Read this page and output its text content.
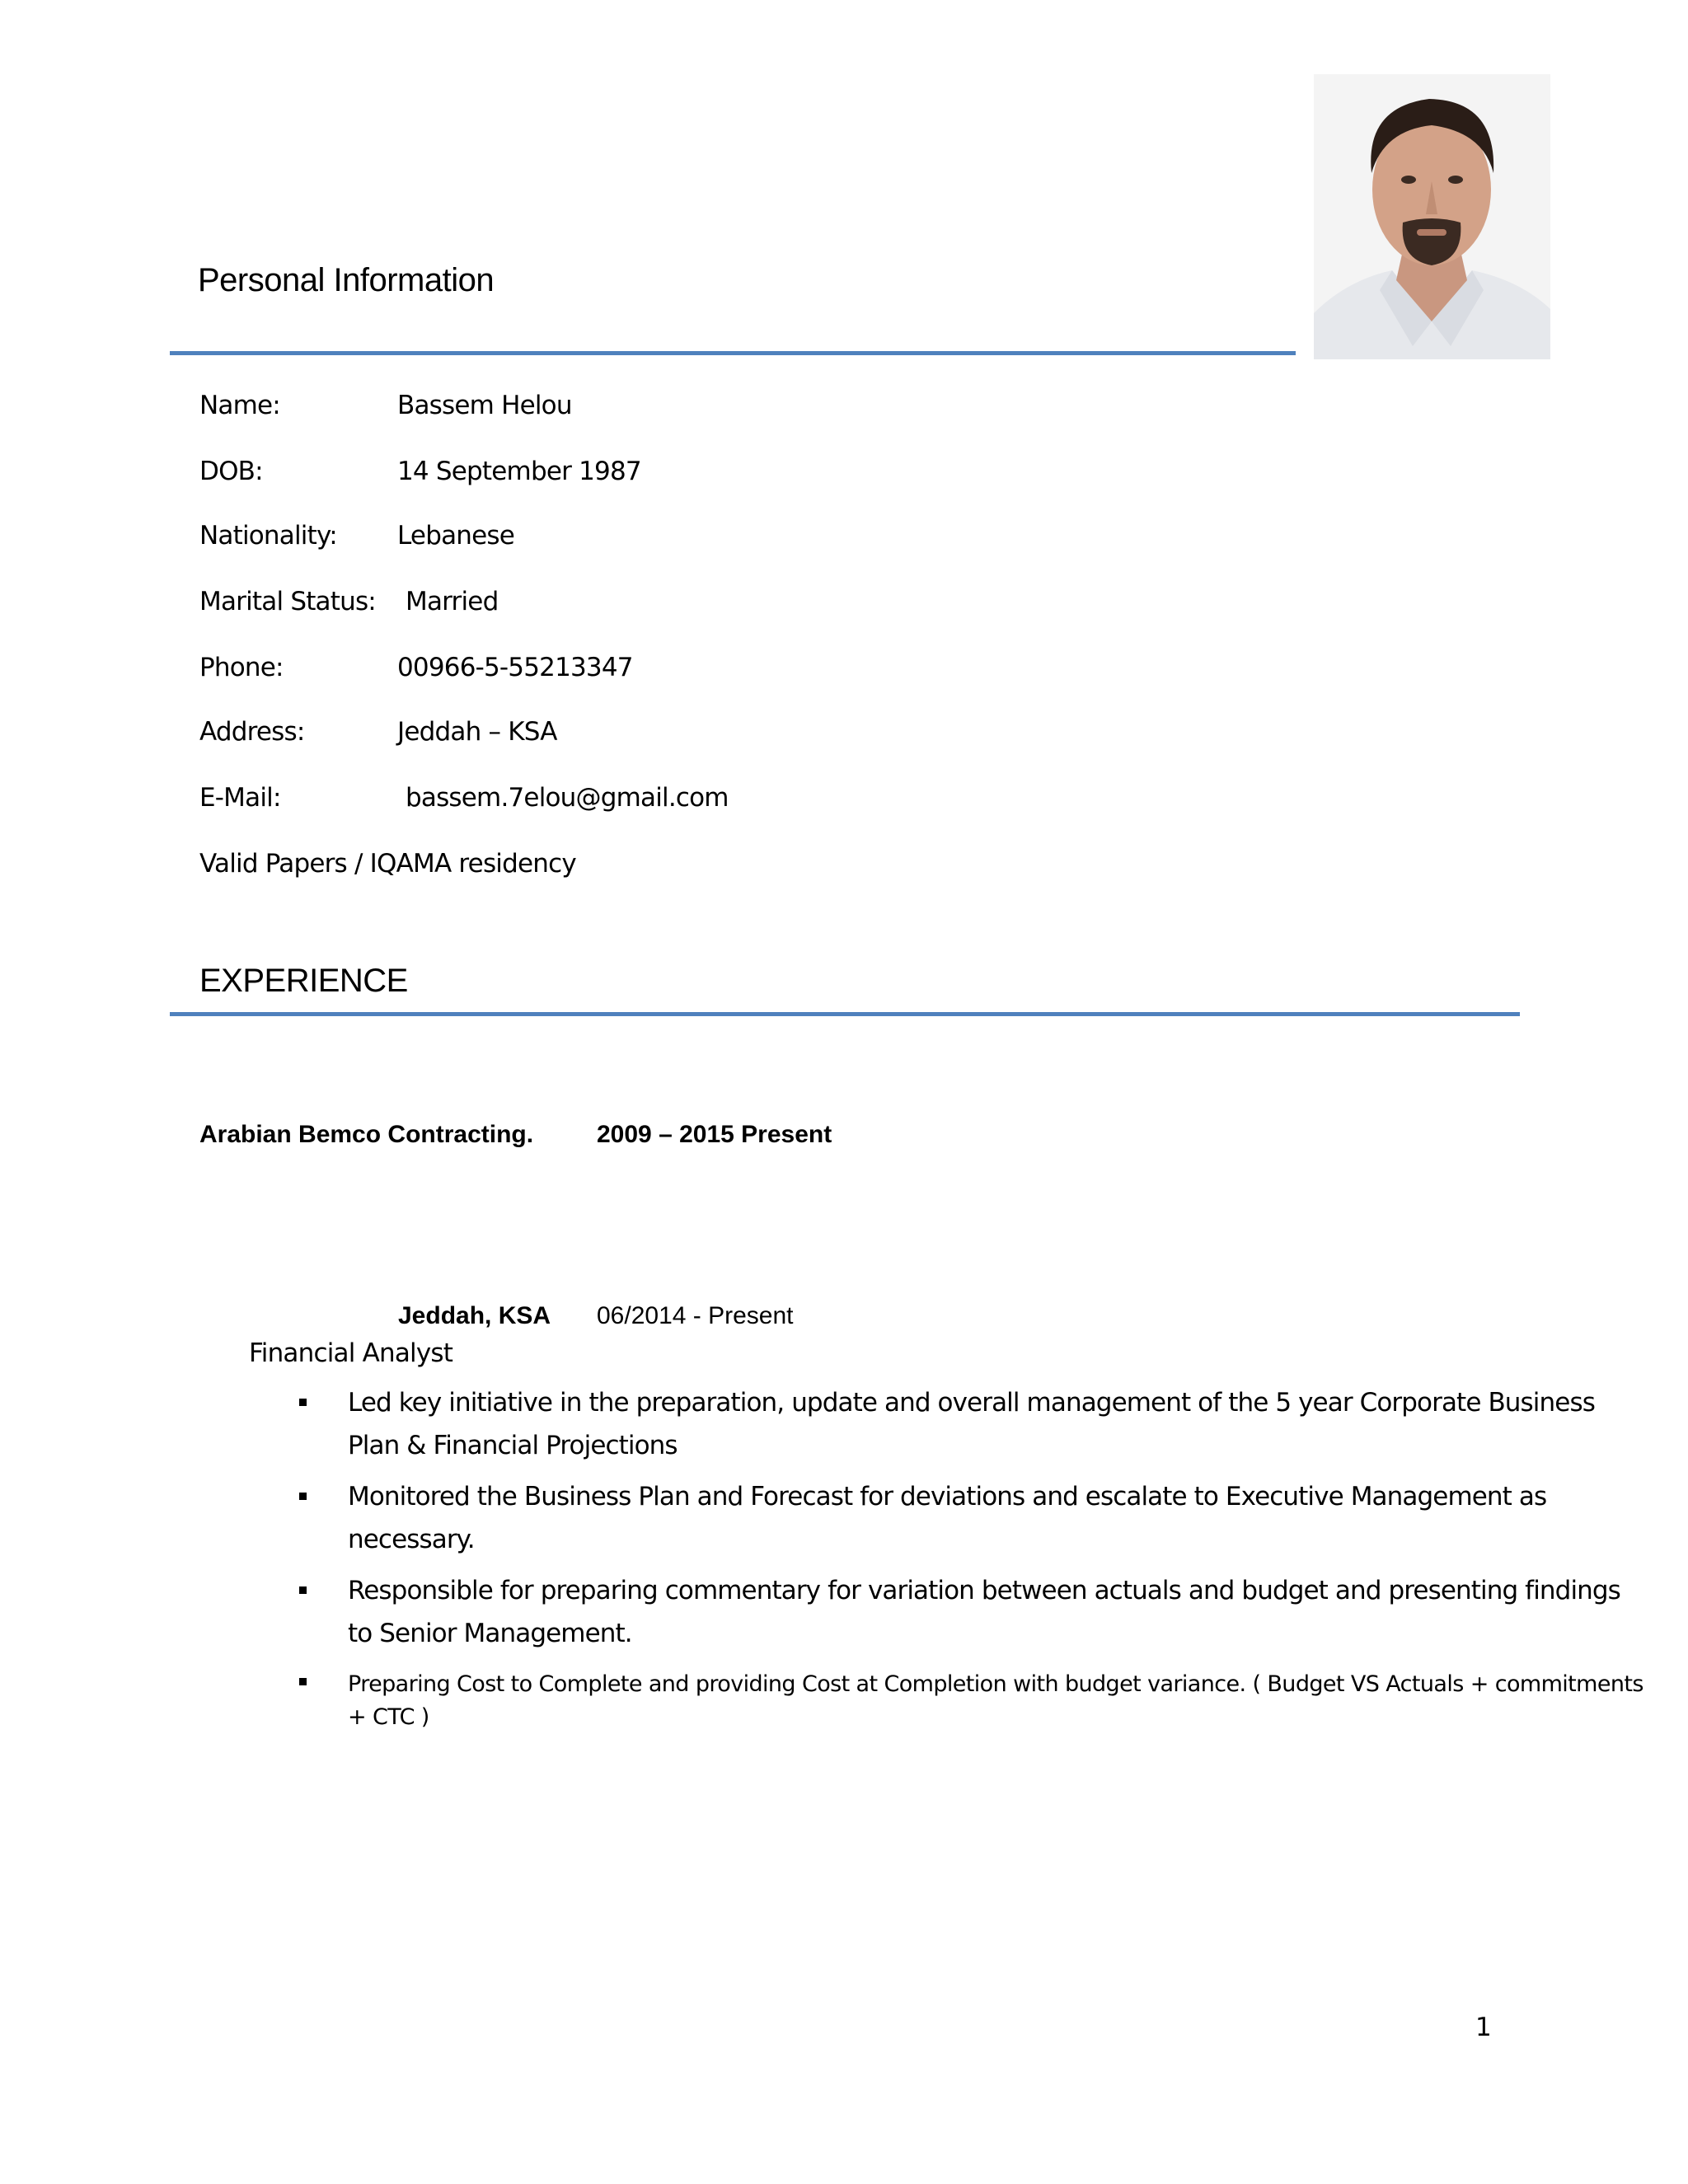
Personal Information
Name:	Bassem Helou
DOB:	14 September 1987
Nationality: Lebanese
Marital Status: Married
Phone:	00966-5-55213347
Address:	Jeddah – KSA
E-Mail:	bassem.7elou@gmail.com
Valid Papers / IQAMA residency
EXPERIENCE
Arabian Bemco Contracting.	2009 – 2015 Present
Jeddah, KSA 06/2014 - Present
Financial Analyst
Led key initiative in the preparation, update and overall management of the 5 year Corporate Business Plan & Financial Projections
Monitored the Business Plan and Forecast for deviations and escalate to Executive Management as necessary.
Responsible for preparing commentary for variation between actuals and budget and presenting findings to Senior Management.
Preparing Cost to Complete and providing Cost at Completion with budget variance. ( Budget VS Actuals + commitments + CTC )
1
